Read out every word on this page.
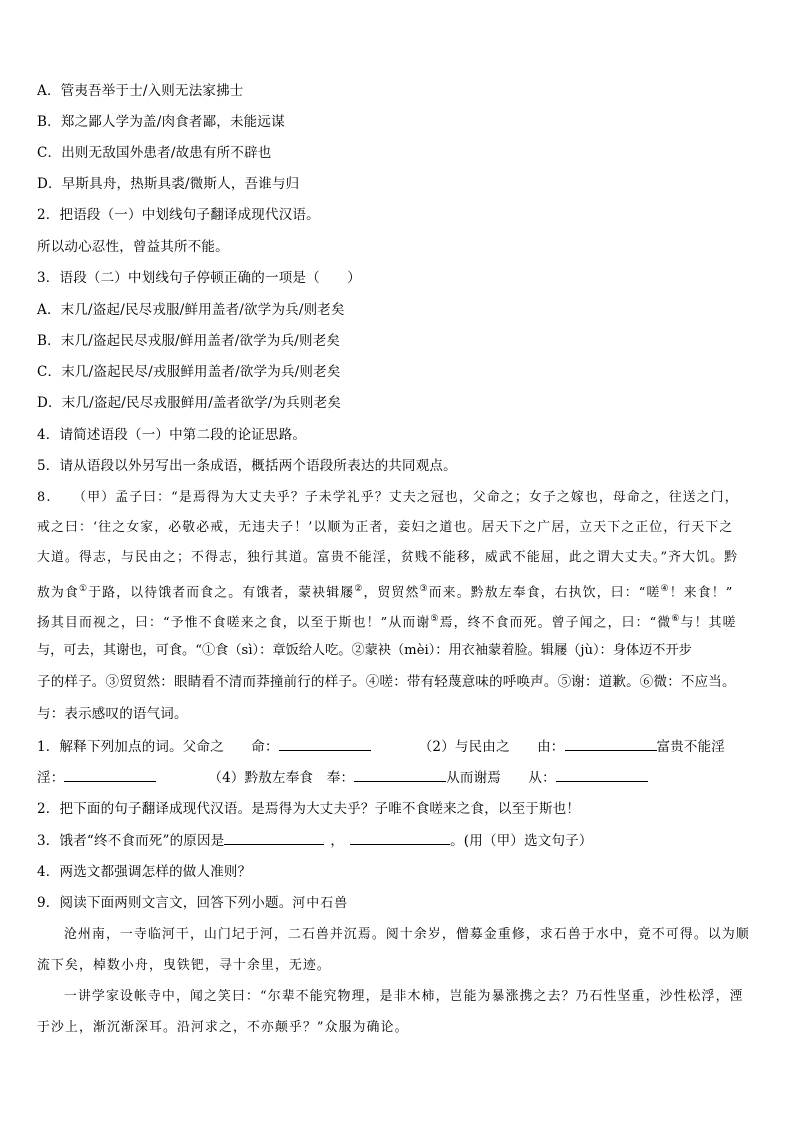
A．管夷吾举于士/入则无法家拂士
B．郑之鄙人学为盖/肉食者鄙，未能远谋
C．出则无敌国外患者/故患有所不辟也
D．早斯具舟，热斯具裘/微斯人，吾谁与归
2．把语段（一）中划线句子翻译成现代汉语。
所以动心忍性，曾益其所不能。
3．语段（二）中划线句子停顿正确的一项是（　　）
A．末几/盗起/民尽戎服/鲜用盖者/欲学为兵/则老矣
B．末几/盗起民尽戎服/鲜用盖者/欲学为兵/则老矣
C．末几/盗起民尽/戎服鲜用盖者/欲学为兵/则老矣
D．末几/盗起/民尽戎服鲜用/盖者欲学/为兵则老矣
4．请简述语段（一）中第二段的论证思路。
5．请从语段以外另写出一条成语，概括两个语段所表达的共同观点。
8.　　（甲）孟子曰：“是焉得为大丈夫乎？子未学礼乎？丈夫之冠也，父命之；女子之嫁也，母命之，往送之门，
戒之曰：‘往之女家，必敬必戒，无违夫子！’以顺为正者，妾妇之道也。居天下之广居，立天下之正位，行天下之
大道。得志，与民由之；不得志，独行其道。富贵不能淫，贫贱不能移，威武不能屈，此之谓大丈夫。”齐大饥。黔
敖为食①于路，以待饿者而食之。有饿者，蒙袂辑屦②，贸贸然③而来。黔敖左奉食，右执饮，曰：“嗟④！来食！”
扬其目而视之，曰：“予惟不食嗟来之食，以至于斯也！”从而谢⑤焉，终不食而死。曾子闻之，曰：“微⑥与！其嗟
与，可去，其谢也，可食。“①食（sì）：章饭给人吃。②蒙袂（mèi）：用衣袖蒙着脸。辑屦（jù）：身体迈不开步
子的样子。③贸贸然：眼睛看不清而莽撞前行的样子。④嗟：带有轻蔑意味的呼唤声。⑤谢：道歉。⑥微：不应当。
与：表示感叹的语气词。
1．解释下列加点的词。父命之　　命：	（2）与民由之　　由：	富贵不能淫
淫：	（4）黔敖左奉食　奉：	从而谢焉　　从：
2．把下面的句子翻译成现代汉语。是焉得为大丈夫乎？子唯不食嗟来之食，以至于斯也！
3．饿者“终不食而死”的原因是	，	。(用（甲）选文句子）
4．两选文都强调怎样的做人准则？
9．阅读下面两则文言文，回答下列小题。河中石兽
沧州南，一寺临河干，山门圮于河，二石兽并沉焉。阅十余岁，僧募金重修，求石兽于水中，竟不可得。以为顺
流下矣，棹数小舟，曳铁钯，寻十余里，无迹。
一讲学家设帐寺中，闻之笑曰：“尔辈不能究物理，是非木柿，岂能为暴涨携之去？乃石性坚重，沙性松浮，湮
于沙上，渐沉渐深耳。沿河求之，不亦颠乎？”众服为确论。
